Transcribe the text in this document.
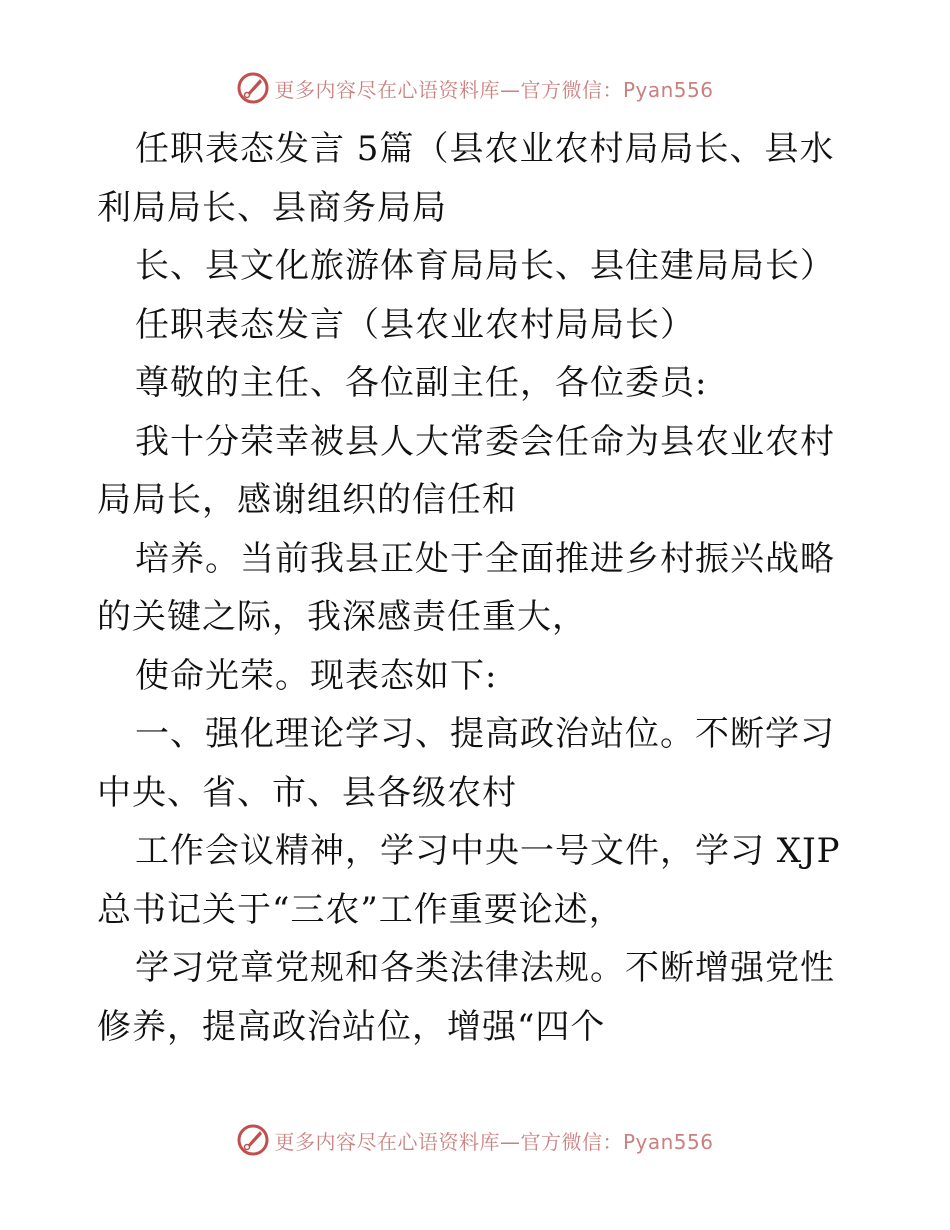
更多内容尽在心语资料库—官方微信：Pyan556

任职表态发言 5篇（县农业农村局局长、县水利局局长、县商务局局

长、县文化旅游体育局局长、县住建局局长）

任职表态发言（县农业农村局局长）

尊敬的主任、各位副主任，各位委员:

我十分荣幸被县人大常委会任命为县农业农村局局长，感谢组织的信任和

培养。当前我县正处于全面推进乡村振兴战略的关键之际，我深感责任重大，

使命光荣。现表态如下:

一、强化理论学习、提高政治站位。不断学习中央、省、市、县各级农村

工作会议精神，学习中央一号文件，学习 XJP 总书记关于“三农”工作重要论述，

学习党章党规和各类法律法规。不断增强党性修养，提高政治站位，增强“四个

更多内容尽在心语资料库—官方微信：Pyan556
